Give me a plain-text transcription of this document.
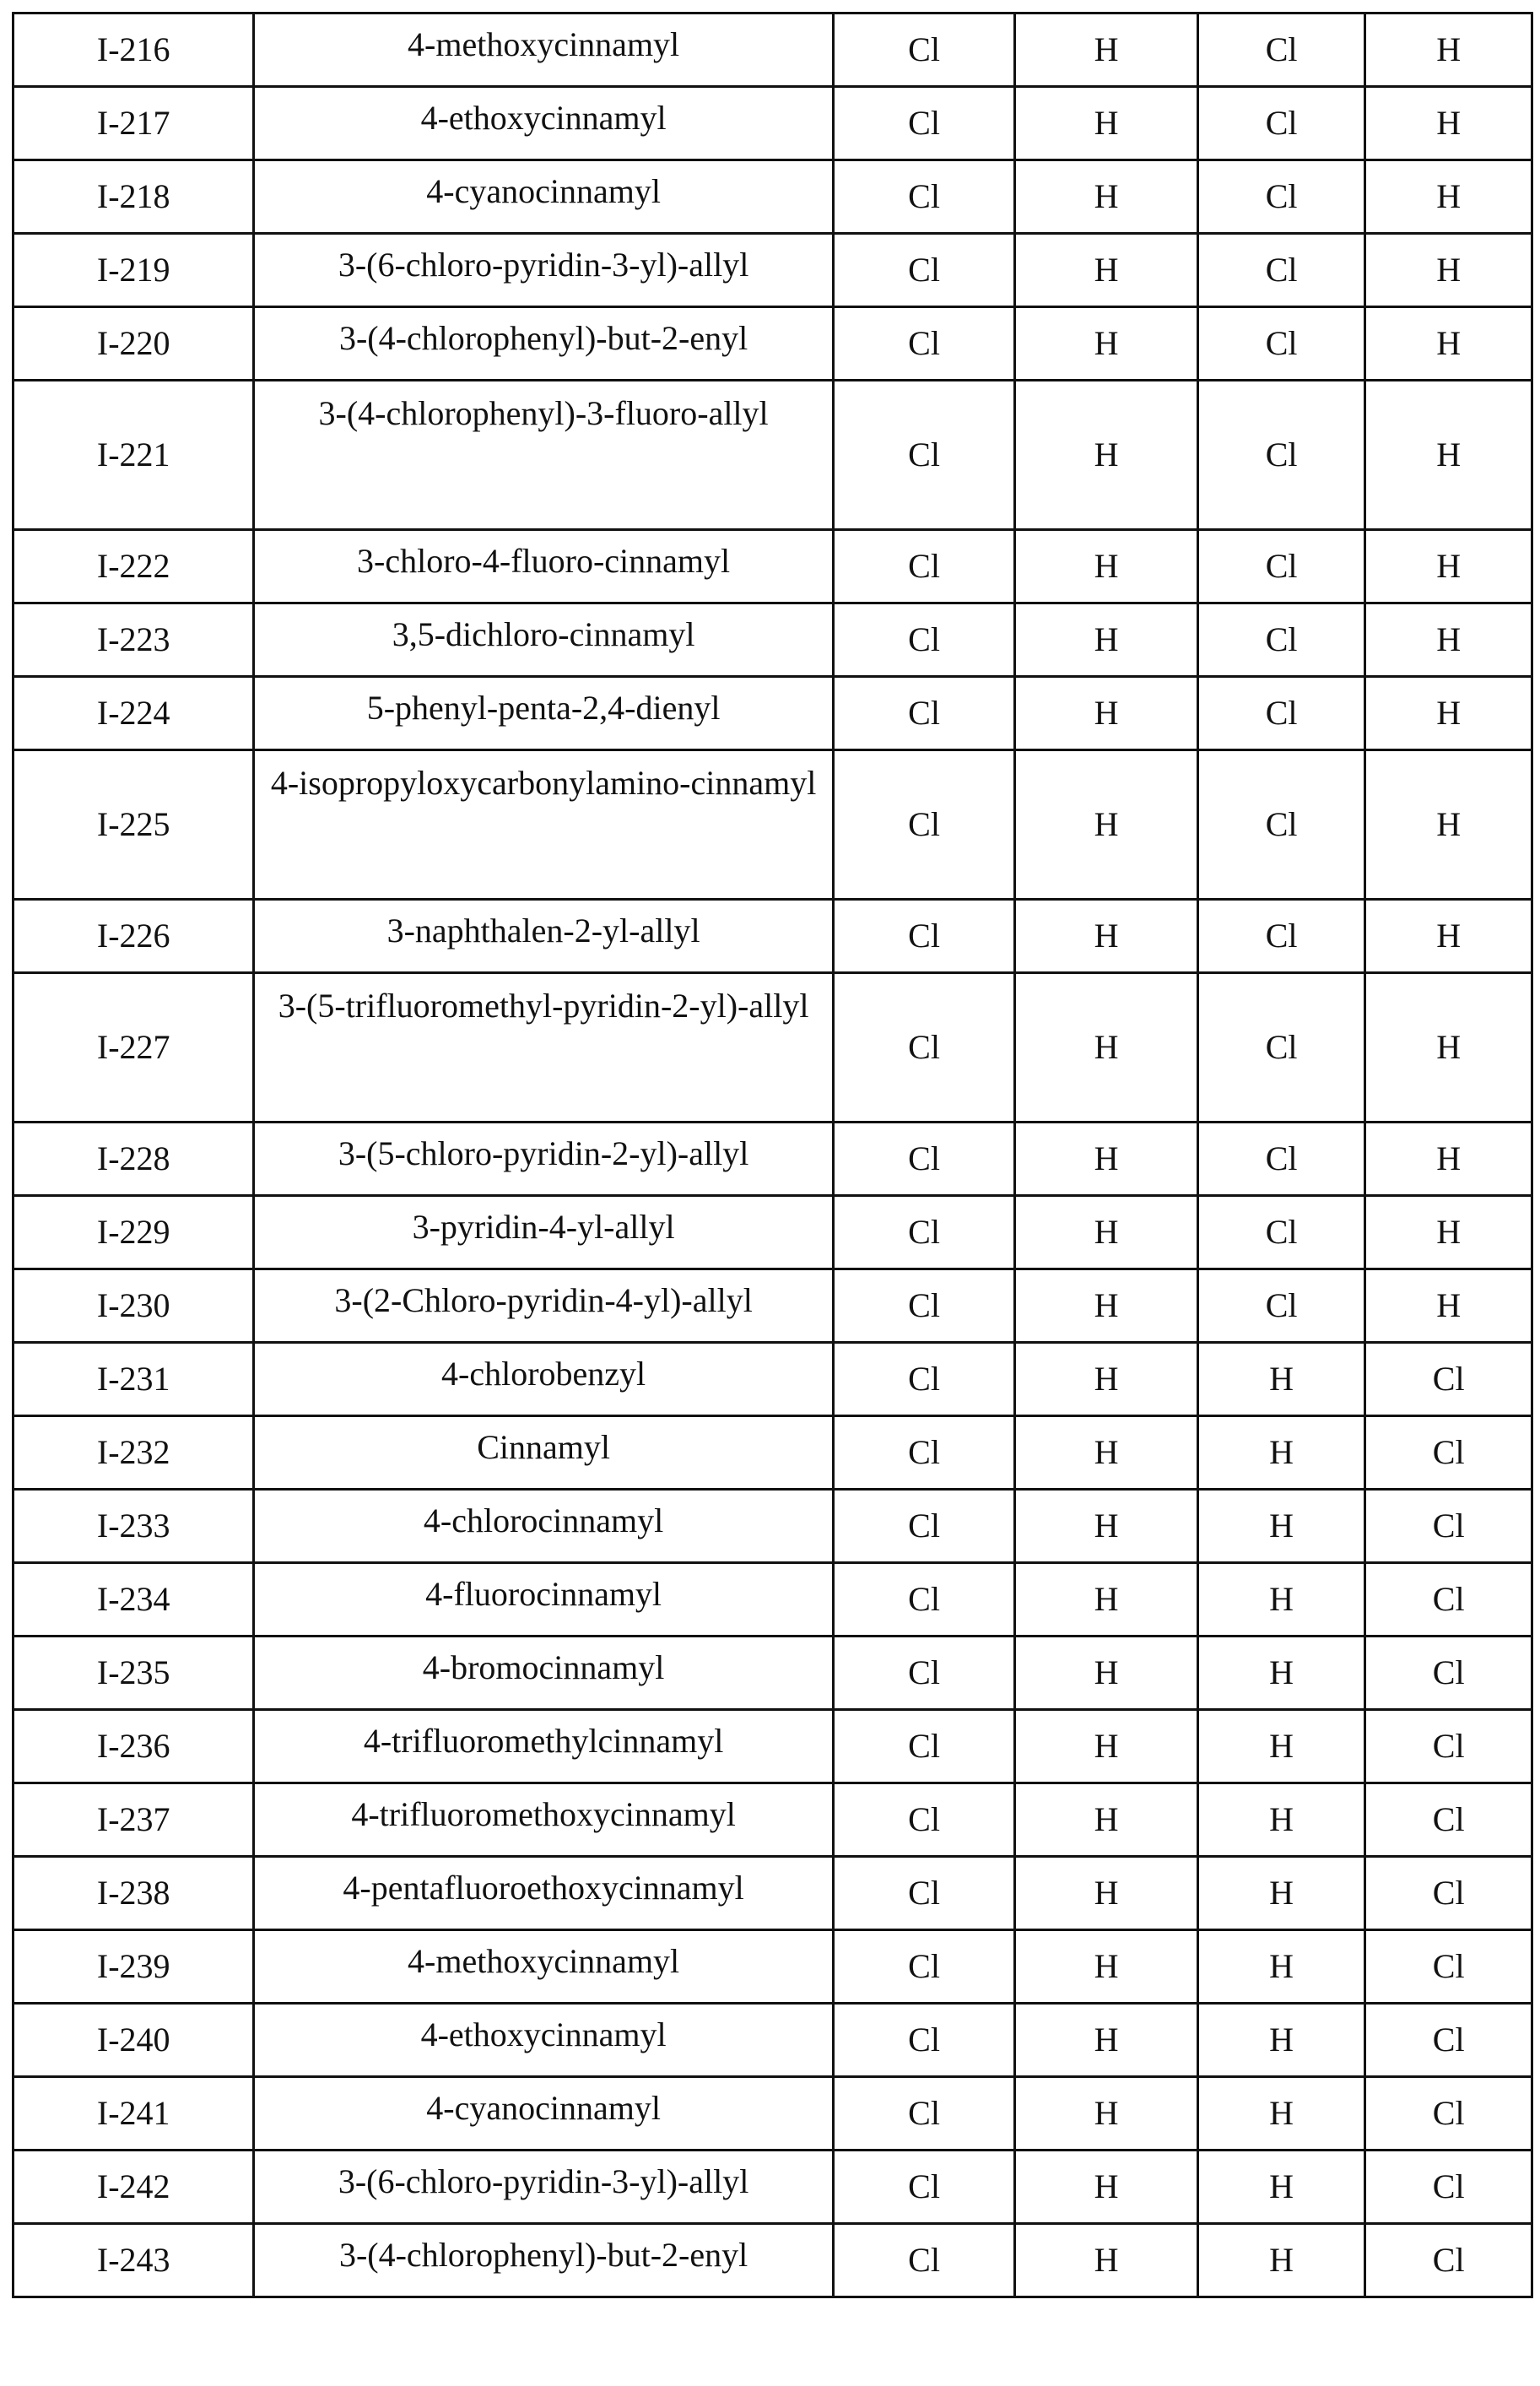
I-216	4-methoxycinnamyl	Cl	H	Cl	H
I-217	4-ethoxycinnamyl	Cl	H	Cl	H
I-218	4-cyanocinnamyl	Cl	H	Cl	H
I-219	3-(6-chloro-pyridin-3-yl)-allyl	Cl	H	Cl	H
I-220	3-(4-chlorophenyl)-but-2-enyl	Cl	H	Cl	H
I-221	3-(4-chlorophenyl)-3-fluoro-allyl	Cl	H	Cl	H
I-222	3-chloro-4-fluoro-cinnamyl	Cl	H	Cl	H
I-223	3,5-dichloro-cinnamyl	Cl	H	Cl	H
I-224	5-phenyl-penta-2,4-dienyl	Cl	H	Cl	H
I-225	4-isopropyloxycarbonylamino-cinnamyl	Cl	H	Cl	H
I-226	3-naphthalen-2-yl-allyl	Cl	H	Cl	H
I-227	3-(5-trifluoromethyl-pyridin-2-yl)-allyl	Cl	H	Cl	H
I-228	3-(5-chloro-pyridin-2-yl)-allyl	Cl	H	Cl	H
I-229	3-pyridin-4-yl-allyl	Cl	H	Cl	H
I-230	3-(2-Chloro-pyridin-4-yl)-allyl	Cl	H	Cl	H
I-231	4-chlorobenzyl	Cl	H	H	Cl
I-232	Cinnamyl	Cl	H	H	Cl
I-233	4-chlorocinnamyl	Cl	H	H	Cl
I-234	4-fluorocinnamyl	Cl	H	H	Cl
I-235	4-bromocinnamyl	Cl	H	H	Cl
I-236	4-trifluoromethylcinnamyl	Cl	H	H	Cl
I-237	4-trifluoromethoxycinnamyl	Cl	H	H	Cl
I-238	4-pentafluoroethoxycinnamyl	Cl	H	H	Cl
I-239	4-methoxycinnamyl	Cl	H	H	Cl
I-240	4-ethoxycinnamyl	Cl	H	H	Cl
I-241	4-cyanocinnamyl	Cl	H	H	Cl
I-242	3-(6-chloro-pyridin-3-yl)-allyl	Cl	H	H	Cl
I-243	3-(4-chlorophenyl)-but-2-enyl	Cl	H	H	Cl
